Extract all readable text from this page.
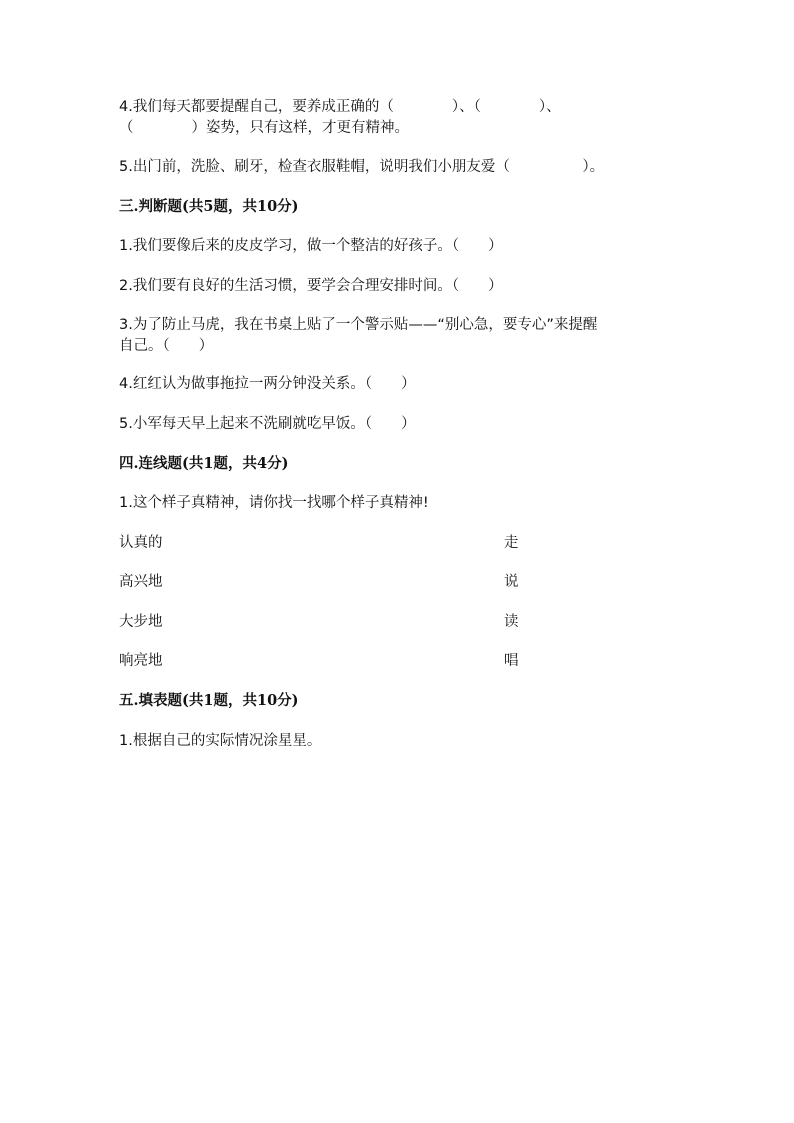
4.我们每天都要提醒自己，要养成正确的（　　　　）、（　　　　）、
（　　　　）姿势，只有这样，才更有精神。
5.出门前，洗脸、刷牙，检查衣服鞋帽，说明我们小朋友爱（　　　　　）。
三.判断题(共5题，共10分)
1.我们要像后来的皮皮学习，做一个整洁的好孩子。（　　）
2.我们要有良好的生活习惯，要学会合理安排时间。（　　）
3.为了防止马虎，我在书桌上贴了一个警示贴——“别心急，要专心”来提醒
自己。（　　）
4.红红认为做事拖拉一两分钟没关系。（　　）
5.小军每天早上起来不洗刷就吃早饭。（　　）
四.连线题(共1题，共4分)
1.这个样子真精神，请你找一找哪个样子真精神!
认真的	走
高兴地	说
大步地	读
响亮地	唱
五.填表题(共1题，共10分)
1.根据自己的实际情况涂星星。
